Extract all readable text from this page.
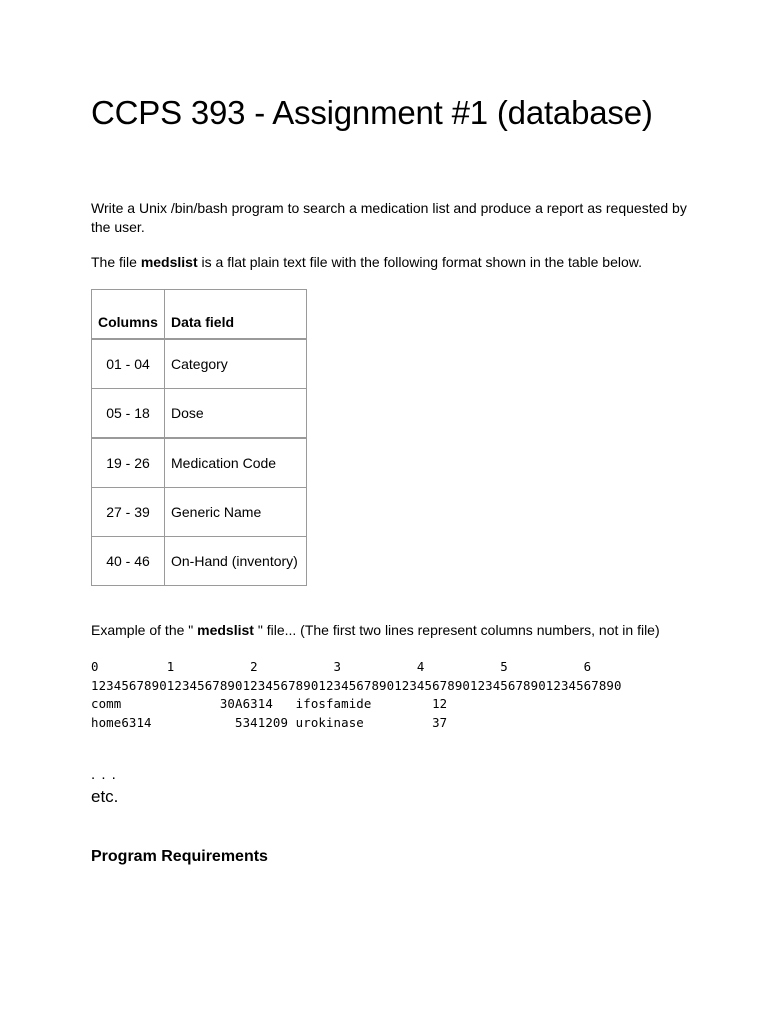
CCPS 393 - Assignment #1 (database)

Write a Unix /bin/bash program to search a medication list and produce a report as requested by the user.

The file medslist is a flat plain text file with the following format shown in the table below.

Columns	Data field
01 - 04	Category
05 - 18	Dose
19 - 26	Medication Code
27 - 39	Generic Name
40 - 46	On-Hand (inventory)

Example of the " medslist " file... (The first two lines represent columns numbers, not in file)

0         1          2          3          4          5          6
1234567890123456789012345678901234567890123456789012345678901234567890
comm             30A6314   ifosfamide        12
home6314           5341209 urokinase         37
. . .
etc.
Program Requirements
